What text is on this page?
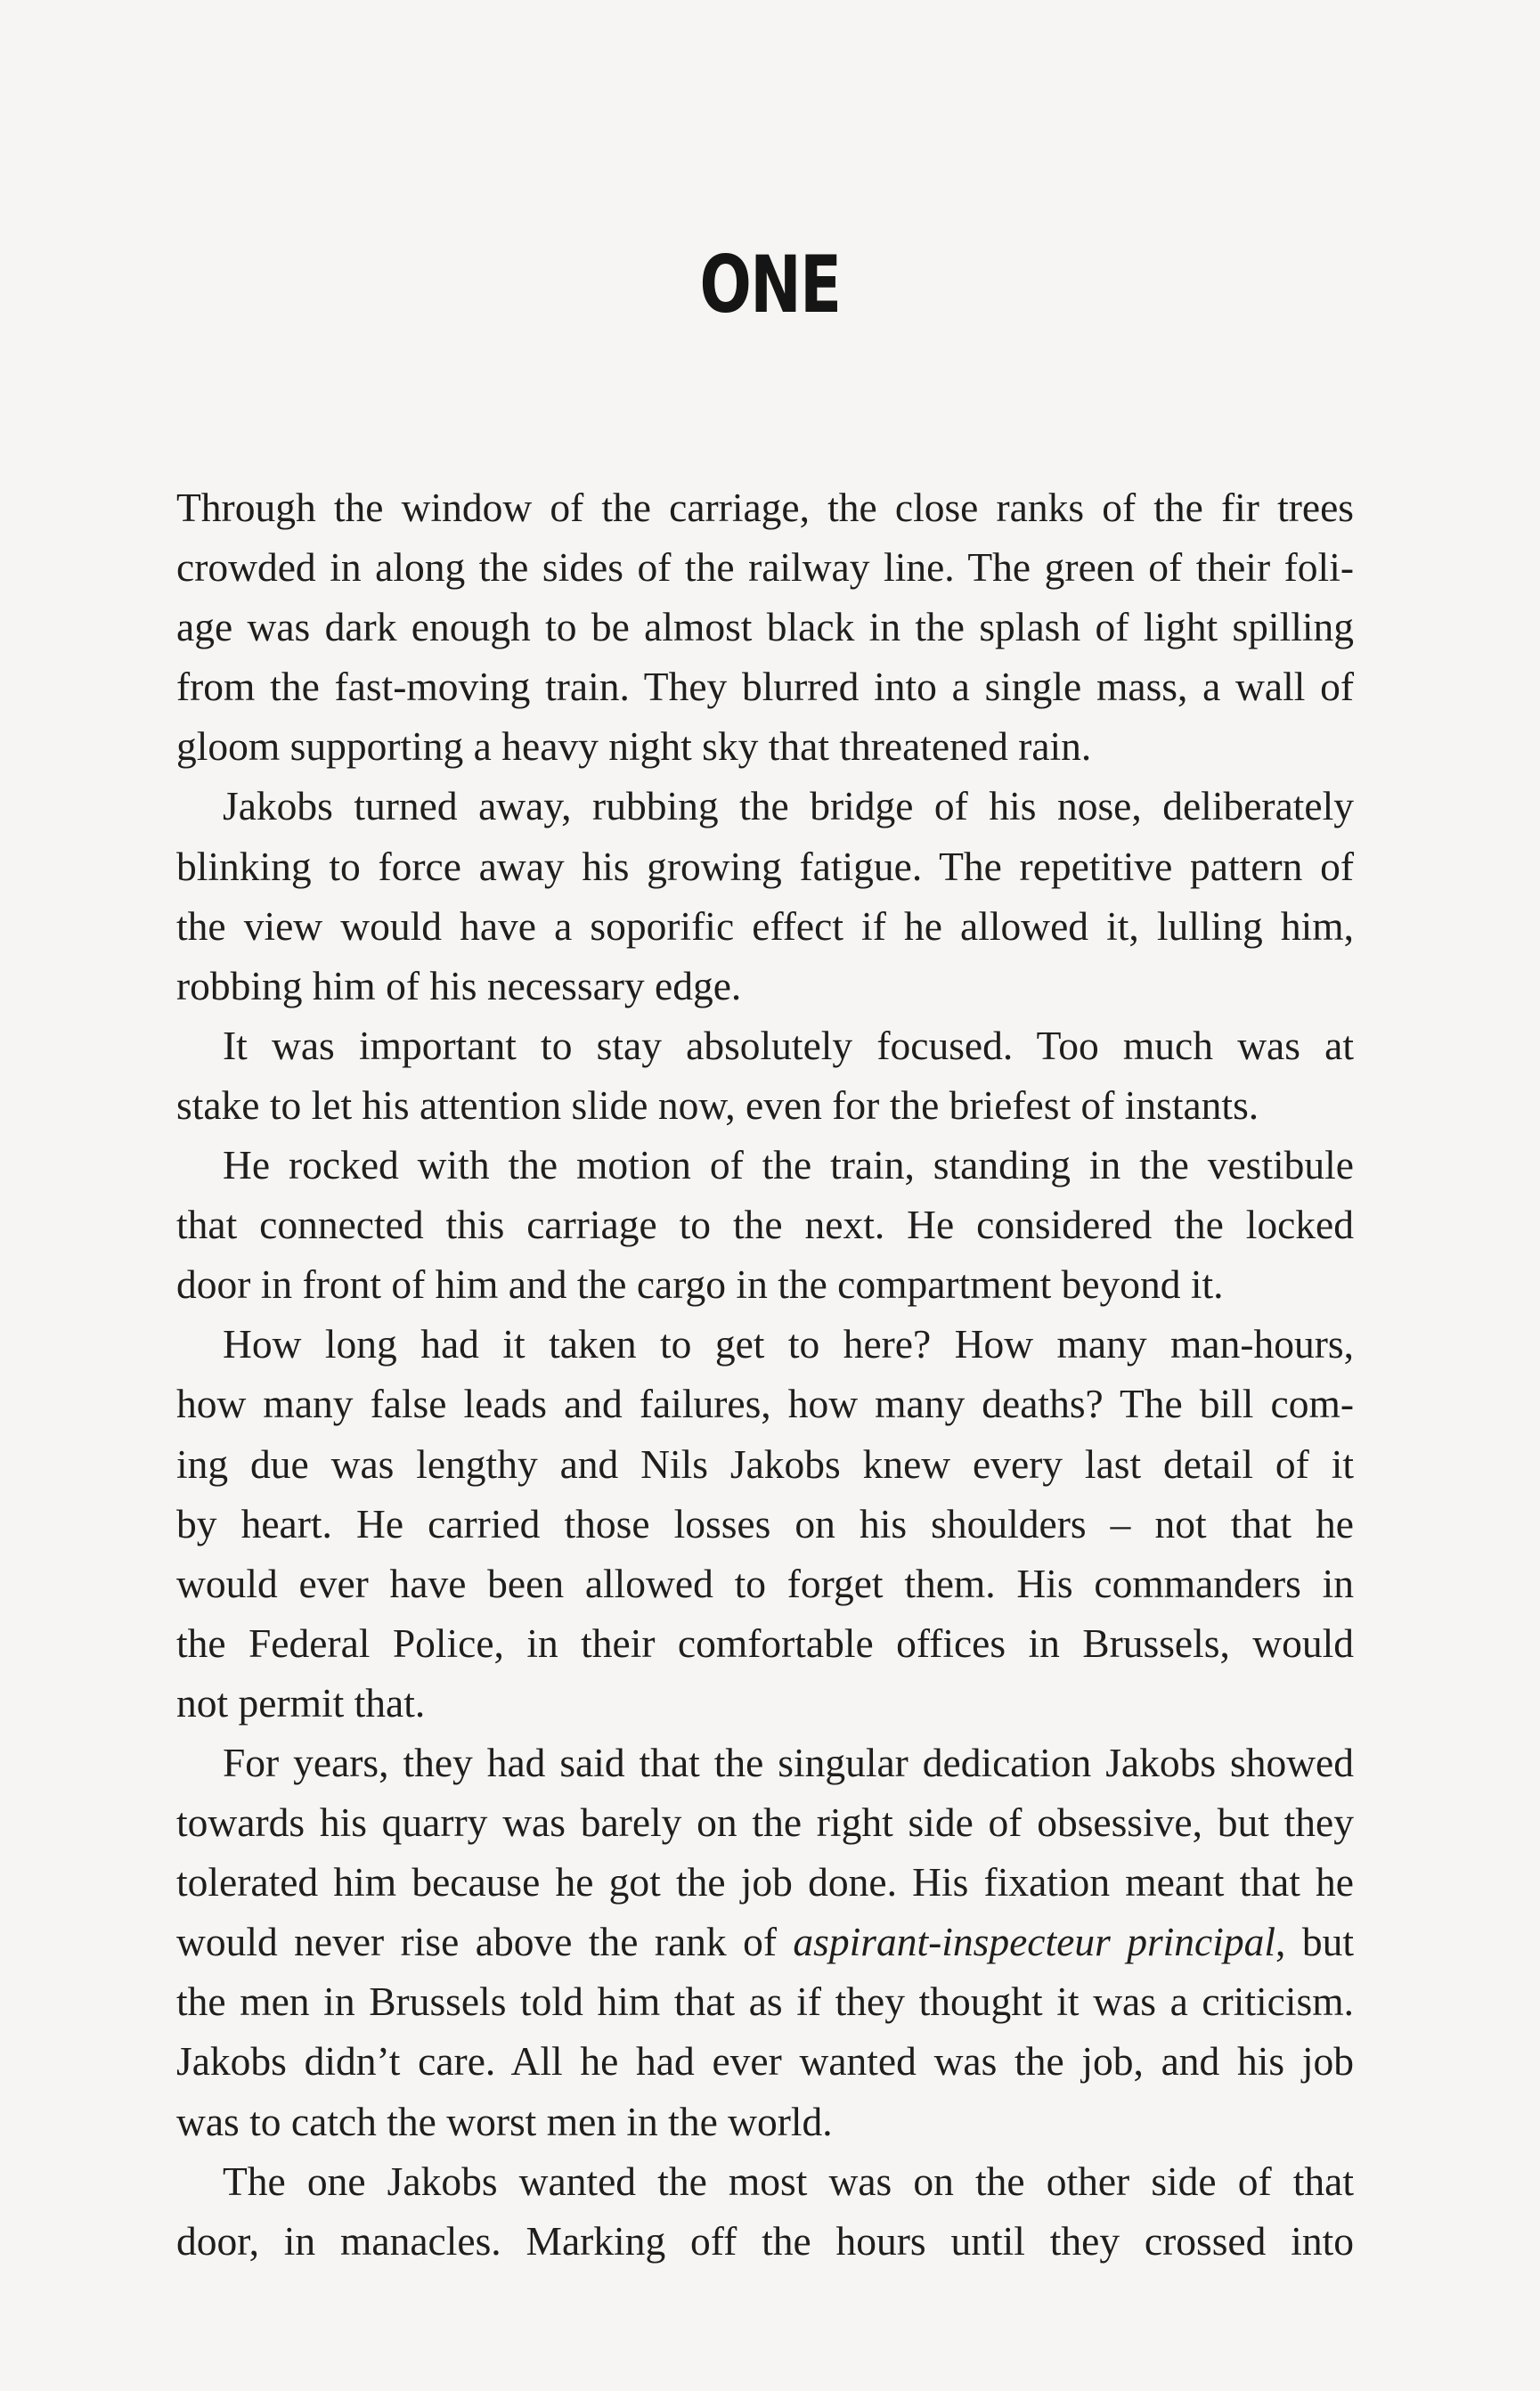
ONE
Through the window of the carriage, the close ranks of the fir trees
crowded in along the sides of the railway line. The green of their foli-
age was dark enough to be almost black in the splash of light spilling
from the fast-moving train. They blurred into a single mass, a wall of
gloom supporting a heavy night sky that threatened rain.
Jakobs turned away, rubbing the bridge of his nose, deliberately
blinking to force away his growing fatigue. The repetitive pattern of
the view would have a soporific effect if he allowed it, lulling him,
robbing him of his necessary edge.
It was important to stay absolutely focused. Too much was at
stake to let his attention slide now, even for the briefest of instants.
He rocked with the motion of the train, standing in the vestibule
that connected this carriage to the next. He considered the locked
door in front of him and the cargo in the compartment beyond it.
How long had it taken to get to here? How many man-hours,
how many false leads and failures, how many deaths? The bill com-
ing due was lengthy and Nils Jakobs knew every last detail of it
by heart. He carried those losses on his shoulders – not that he
would ever have been allowed to forget them. His commanders in
the Federal Police, in their comfortable offices in Brussels, would
not permit that.
For years, they had said that the singular dedication Jakobs showed
towards his quarry was barely on the right side of obsessive, but they
tolerated him because he got the job done. His fixation meant that he
would never rise above the rank of aspirant-inspecteur principal, but
the men in Brussels told him that as if they thought it was a criticism.
Jakobs didn’t care. All he had ever wanted was the job, and his job
was to catch the worst men in the world.
The one Jakobs wanted the most was on the other side of that
door, in manacles. Marking off the hours until they crossed into
